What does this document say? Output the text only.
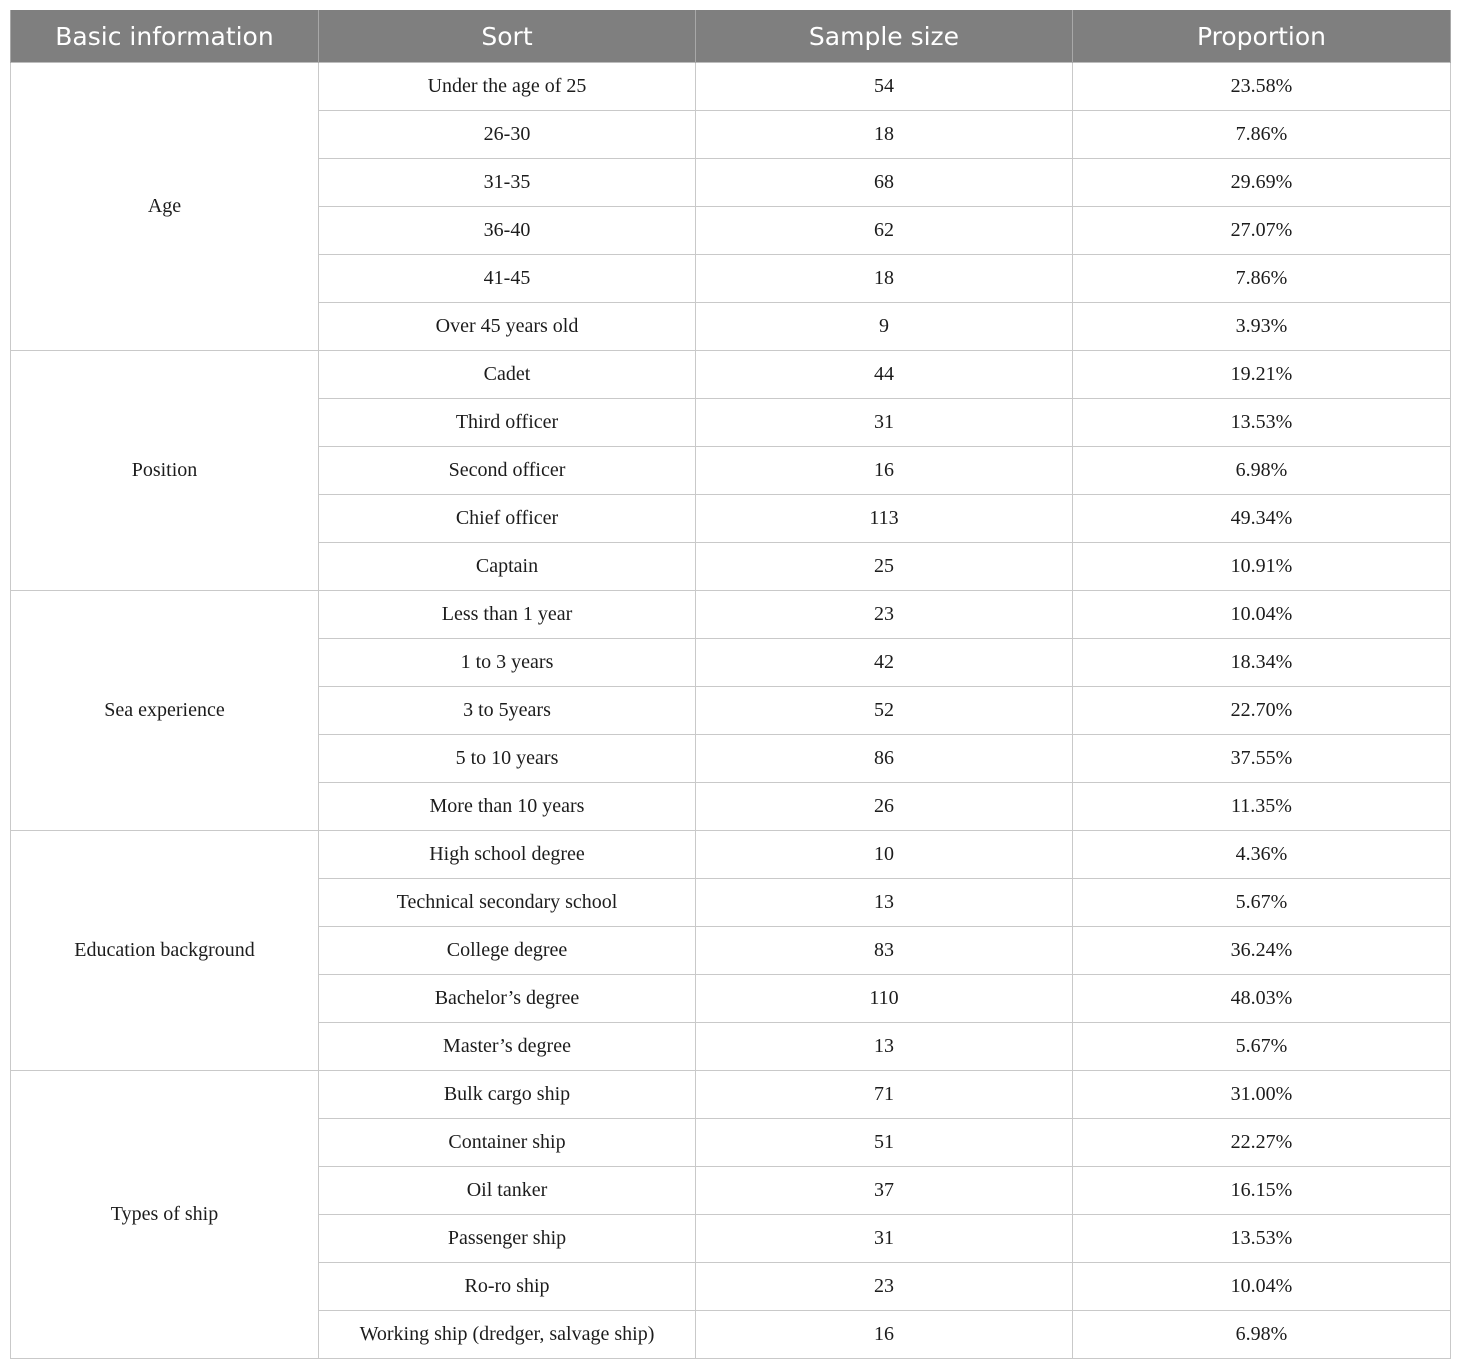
Basic information	Sort	Sample size	Proportion
Age	Under the age of 25	54	23.58%
	26-30	18	7.86%
	31-35	68	29.69%
	36-40	62	27.07%
	41-45	18	7.86%
	Over 45 years old	9	3.93%
Position	Cadet	44	19.21%
	Third officer	31	13.53%
	Second officer	16	6.98%
	Chief officer	113	49.34%
	Captain	25	10.91%
Sea experience	Less than 1 year	23	10.04%
	1 to 3 years	42	18.34%
	3 to 5years	52	22.70%
	5 to 10 years	86	37.55%
	More than 10 years	26	11.35%
Education background	High school degree	10	4.36%
	Technical secondary school	13	5.67%
	College degree	83	36.24%
	Bachelor’s degree	110	48.03%
	Master’s degree	13	5.67%
Types of ship	Bulk cargo ship	71	31.00%
	Container ship	51	22.27%
	Oil tanker	37	16.15%
	Passenger ship	31	13.53%
	Ro-ro ship	23	10.04%
	Working ship (dredger, salvage ship)	16	6.98%
